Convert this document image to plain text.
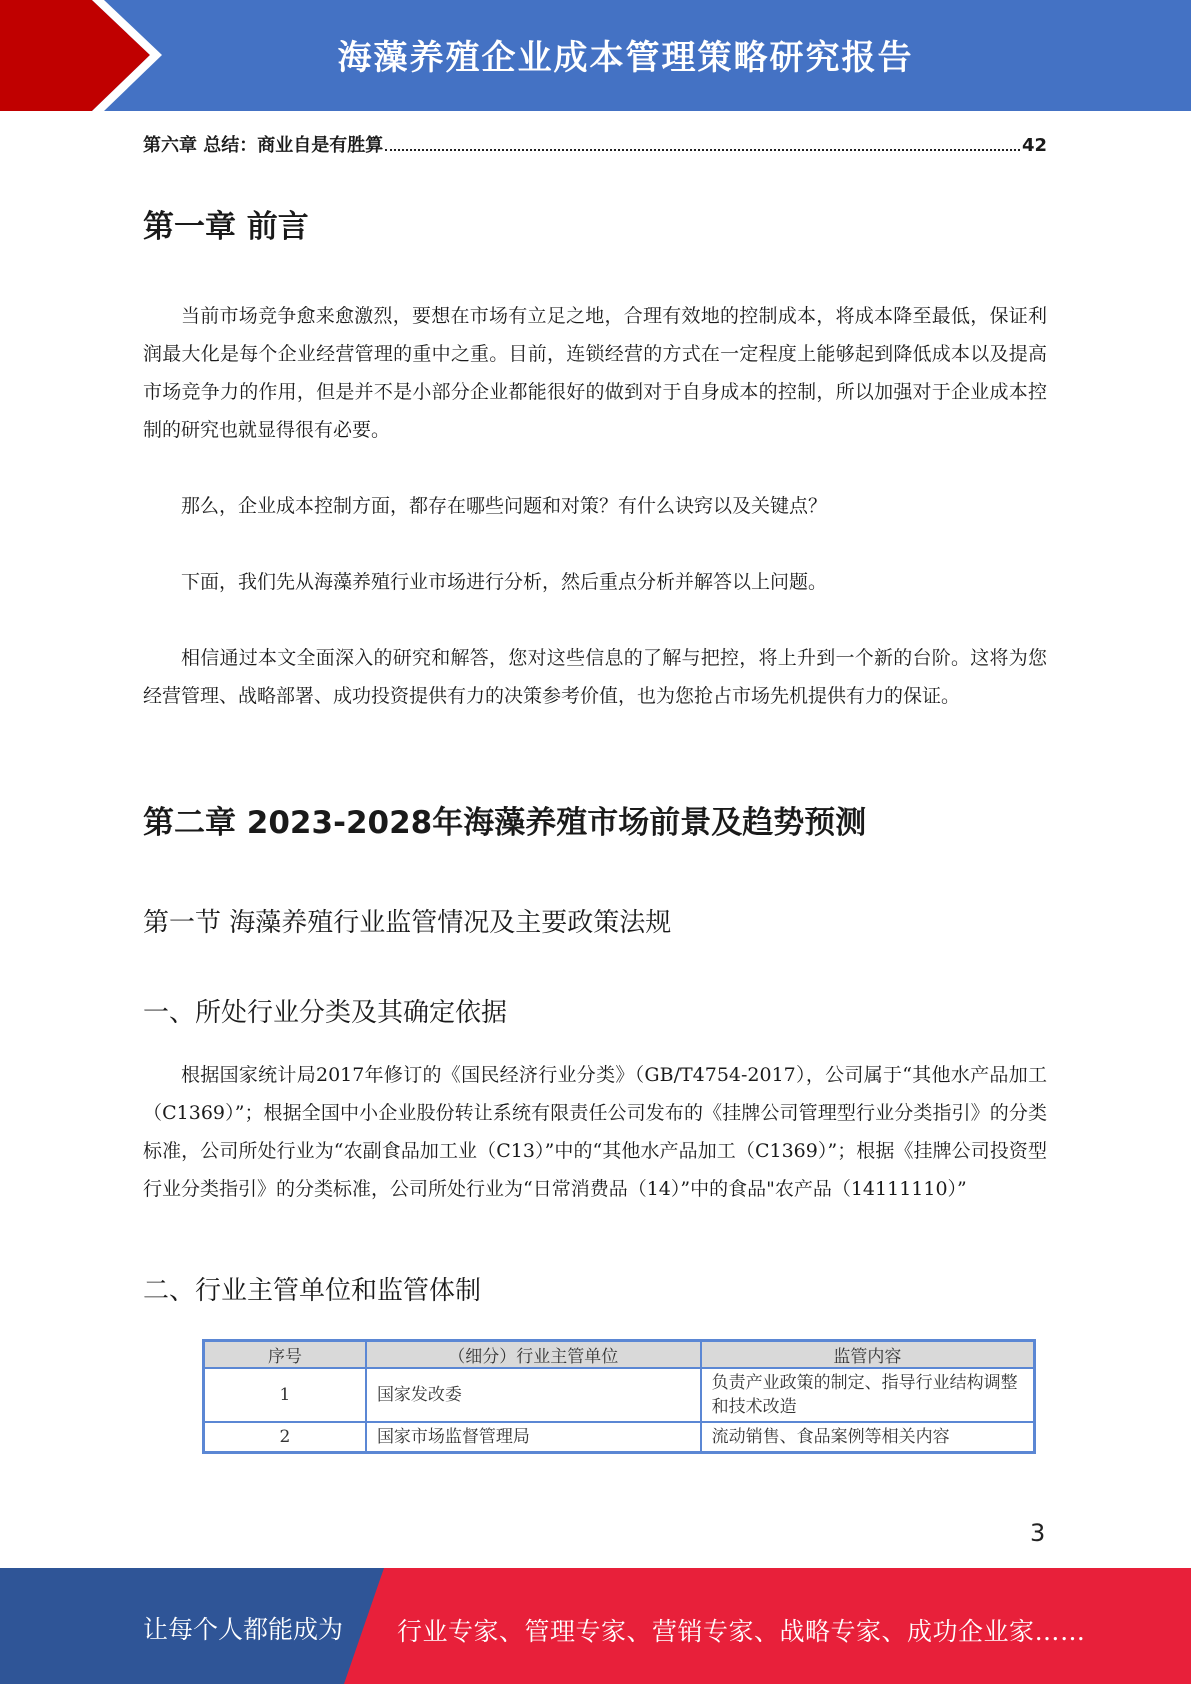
海藻养殖企业成本管理策略研究报告
第六章 总结：商业自是有胜算	42
第一章 前言

当前市场竞争愈来愈激烈，要想在市场有立足之地，合理有效地的控制成本，将成本降至最低，保证利润最大化是每个企业经营管理的重中之重。目前，连锁经营的方式在一定程度上能够起到降低成本以及提高市场竞争力的作用，但是并不是小部分企业都能很好的做到对于自身成本的控制，所以加强对于企业成本控制的研究也就显得很有必要。

那么，企业成本控制方面，都存在哪些问题和对策？有什么诀窍以及关键点？

下面，我们先从海藻养殖行业市场进行分析，然后重点分析并解答以上问题。

相信通过本文全面深入的研究和解答，您对这些信息的了解与把控，将上升到一个新的台阶。这将为您经营管理、战略部署、成功投资提供有力的决策参考价值，也为您抢占市场先机提供有力的保证。

第二章 2023-2028年海藻养殖市场前景及趋势预测
第一节 海藻养殖行业监管情况及主要政策法规
一、所处行业分类及其确定依据

根据国家统计局2017年修订的《国民经济行业分类》（GB/T4754-2017），公司属于“其他水产品加工（C1369）”；根据全国中小企业股份转让系统有限责任公司发布的《挂牌公司管理型行业分类指引》的分类标准，公司所处行业为“农副食品加工业（C13）”中的“其他水产品加工（C1369）”；根据《挂牌公司投资型行业分类指引》的分类标准，公司所处行业为“日常消费品（14）”中的食品"农产品（14111110）”

二、行业主管单位和监管体制
序号	（细分）行业主管单位	监管内容
1	国家发改委	负责产业政策的制定、指导行业结构调整和技术改造
2	国家市场监督管理局	流动销售、食品案例等相关内容
3
让每个人都能成为 行业专家、管理专家、营销专家、战略专家、成功企业家……
